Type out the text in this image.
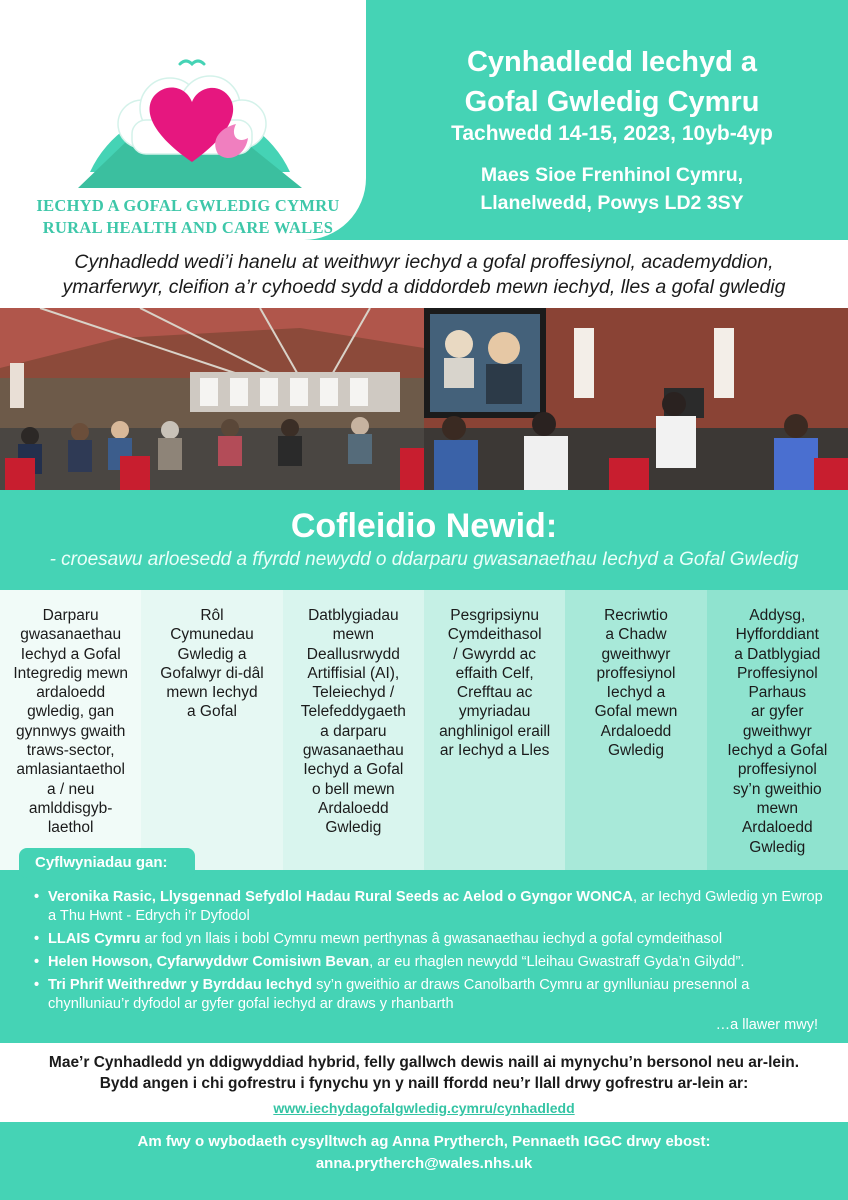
IECHYD A GOFAL GWLEDIG CYMRU
RURAL HEALTH AND CARE WALES
Cynhadledd Iechyd a
Gofal Gwledig Cymru
Tachwedd 14-15, 2023, 10yb-4yp
Maes Sioe Frenhinol Cymru,
Llanelwedd, Powys LD2 3SY
Cynhadledd wedi’i hanelu at weithwyr iechyd a gofal proffesiynol, academyddion,
ymarferwyr, cleifion a’r cyhoedd sydd a diddordeb mewn iechyd, lles a gofal gwledig
Cofleidio Newid:
- croesawu arloesedd a ffyrdd newydd o ddarparu gwasanaethau Iechyd a Gofal Gwledig
Darparu
gwasanaethau
Iechyd a Gofal
Integredig mewn
ardaloedd
gwledig, gan
gynnwys gwaith
traws-sector,
amlasiantaethol
a / neu
amlddisgyb-
laethol
Rôl
Cymunedau
Gwledig a
Gofalwyr di-dâl
mewn Iechyd
a Gofal
Datblygiadau
mewn
Deallusrwydd
Artiffisial (AI),
Teleiechyd /
Telefeddygaeth
a darparu
gwasanaethau
Iechyd a Gofal
o bell mewn
Ardaloedd
Gwledig
Pesgripsiynu
Cymdeithasol
/ Gwyrdd ac
effaith Celf,
Crefftau ac
ymyriadau
anghlinigol eraill
ar Iechyd a Lles
Recriwtio
a Chadw
gweithwyr
proffesiynol
Iechyd a
Gofal mewn
Ardaloedd
Gwledig
Addysg,
Hyfforddiant
a Datblygiad
Proffesiynol
Parhaus
ar gyfer
gweithwyr
Iechyd a Gofal
proffesiynol
sy’n gweithio
mewn
Ardaloedd
Gwledig
Cyflwyniadau gan:
• Veronika Rasic, Llysgennad Sefydlol Hadau Rural Seeds ac Aelod o Gyngor WONCA, ar Iechyd Gwledig yn Ewrop a Thu Hwnt - Edrych i’r Dyfodol
• LLAIS Cymru ar fod yn llais i bobl Cymru mewn perthynas â gwasanaethau iechyd a gofal cymdeithasol
• Helen Howson, Cyfarwyddwr Comisiwn Bevan, ar eu rhaglen newydd “Lleihau Gwastraff Gyda’n Gilydd”.
• Tri Phrif Weithredwr y Byrddau Iechyd sy’n gweithio ar draws Canolbarth Cymru ar gynlluniau presennol a chynlluniau’r dyfodol ar gyfer gofal iechyd ar draws y rhanbarth
…a llawer mwy!
Mae’r Cynhadledd yn ddigwyddiad hybrid, felly gallwch dewis naill ai mynychu’n bersonol neu ar-lein.
Bydd angen i chi gofrestru i fynychu yn y naill ffordd neu’r llall drwy gofrestru ar-lein ar:
www.iechydagofalgwledig.cymru/cynhadledd

Am fwy o wybodaeth cysylltwch ag Anna Prytherch, Pennaeth IGGC drwy ebost:

anna.prytherch@wales.nhs.uk
